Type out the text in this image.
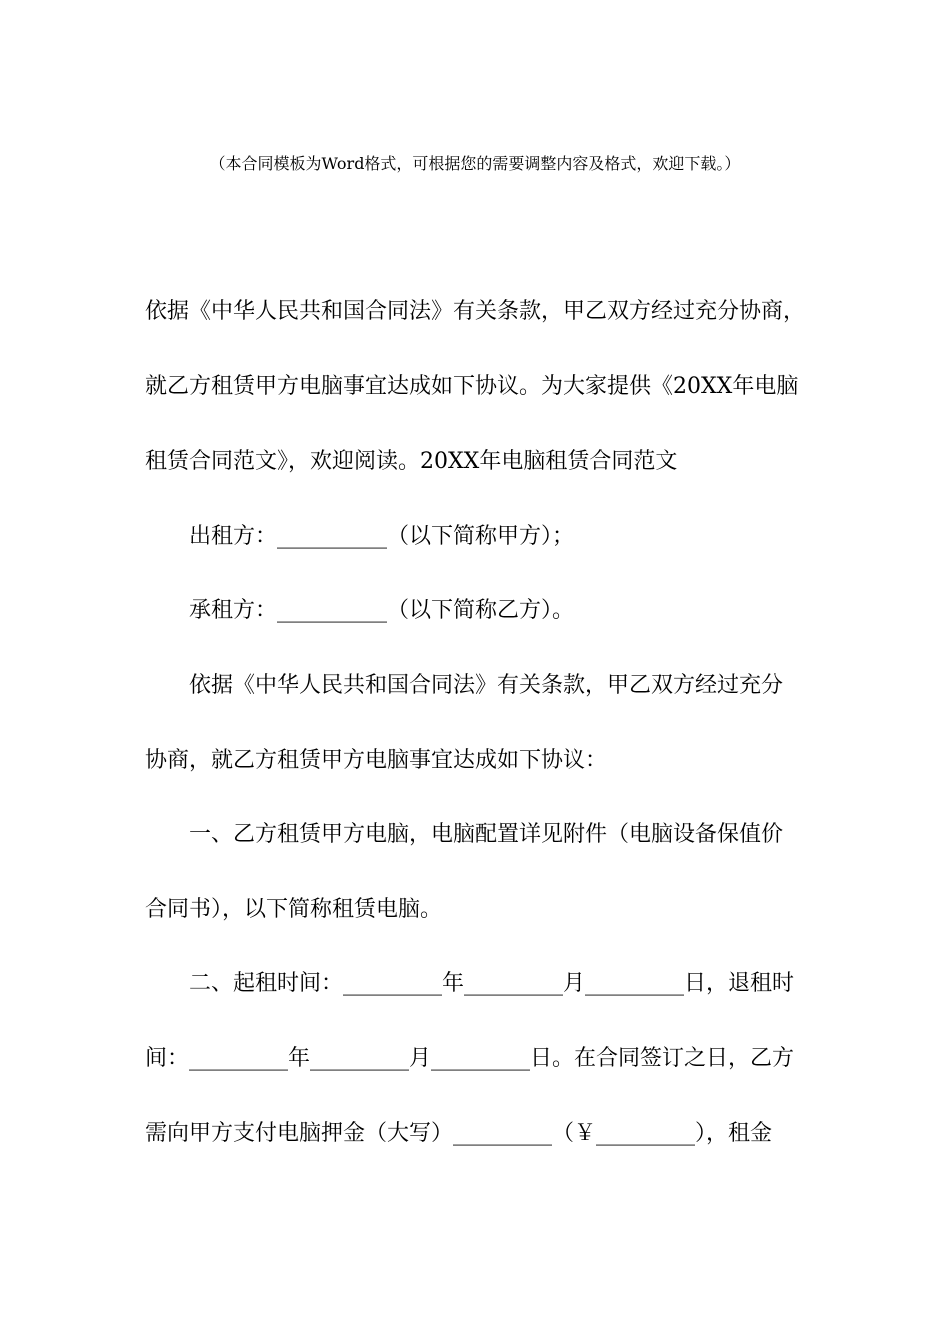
（本合同模板为Word格式，可根据您的需要调整内容及格式，欢迎下载。）
依据《中华人民共和国合同法》有关条款，甲乙双方经过充分协商，
就乙方租赁甲方电脑事宜达成如下协议。为大家提供《20XX年电脑
租赁合同范文》，欢迎阅读。20XX年电脑租赁合同范文
出租方：__________（以下简称甲方）；
承租方：__________（以下简称乙方）。
依据《中华人民共和国合同法》有关条款，甲乙双方经过充分
协商，就乙方租赁甲方电脑事宜达成如下协议：
一、乙方租赁甲方电脑，电脑配置详见附件（电脑设备保值价
合同书），以下简称租赁电脑。
二、起租时间：_________年_________月_________日，退租时
间：_________年_________月_________日。在合同签订之日，乙方
需向甲方支付电脑押金（大写）_________（￥_________），租金
